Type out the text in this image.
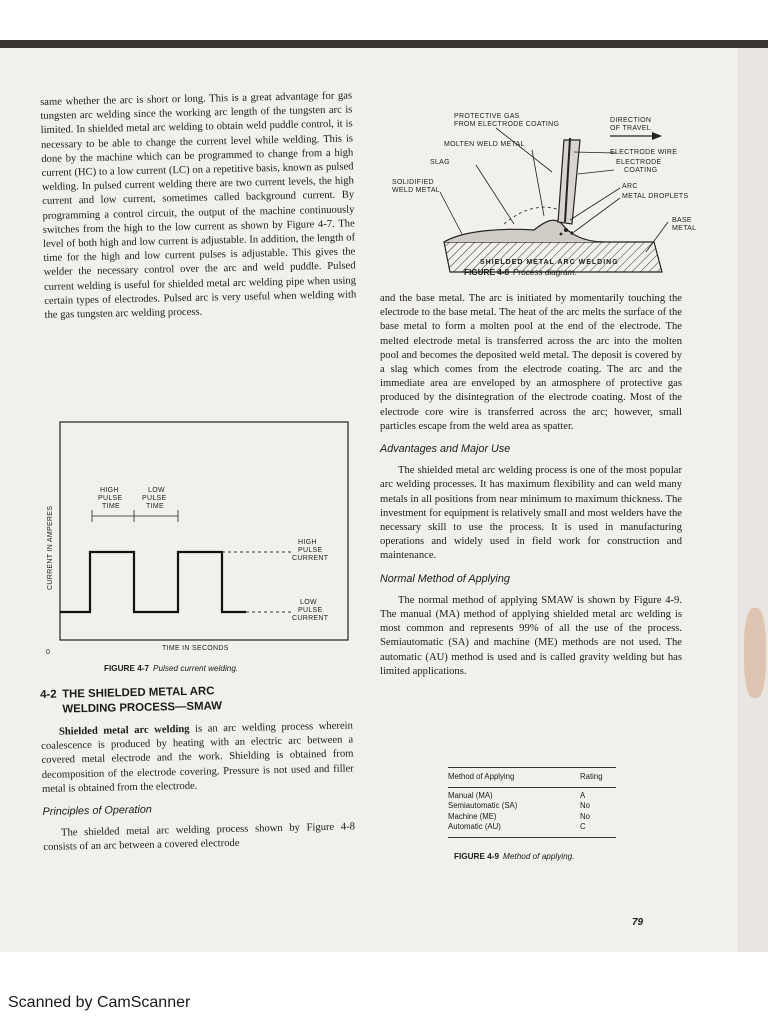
same whether the arc is short or long. This is a great advantage for gas tungsten arc welding since the working arc length of the tungsten arc is limited. In shielded metal arc welding to obtain weld puddle control, it is necessary to be able to change the current level while welding. This is done by the machine which can be programmed to change from a high current (HC) to a low current (LC) on a repetitive basis, known as pulsed welding. In pulsed current welding there are two current levels, the high current and low current, sometimes called background current. By programming a control circuit, the output of the machine continuously switches from the high to the low current as shown by Figure 4-7. The level of both high and low current is adjustable. In addition, the length of time for the high and low current pulses is adjustable. This gives the welder the necessary control over the arc and weld puddle. Pulsed current welding is useful for shielded metal arc welding pipe when using certain types of electrodes. Pulsed arc is very useful when welding with the gas tungsten arc welding process.

PROTECTIVE GAS
FROM ELECTRODE COATING
DIRECTION
OF TRAVEL
MOLTEN WELD METAL
ELECTRODE WIRE
SLAG	ELECTRODE
COATING
SOLIDIFIED
WELD METAL
ARC
METAL DROPLETS
BASE
METAL
SHIELDED METAL ARC WELDING
FIGURE 4-8 Process diagram.

and the base metal. The arc is initiated by momentarily touching the electrode to the base metal. The heat of the arc melts the surface of the base metal to form a molten pool at the end of the electrode. The melted electrode metal is transferred across the arc into the molten pool and becomes the deposited weld metal. The deposit is covered by a slag which comes from the electrode coating. The arc and the immediate area are enveloped by an atmosphere of protective gas produced by the disintegration of the electrode coating. Most of the electrode core wire is transferred across the arc; however, small particles escape from the weld area as spatter.

Advantages and Major Use

The shielded metal arc welding process is one of the most popular arc welding processes. It has maximum flexibility and can weld many metals in all positions from near minimum to maximum thickness. The investment for equipment is relatively small and most welders have the necessary skill to use the process. It is used in manufacturing operations and widely used in field work for construction and maintenance.

Normal Method of Applying

The normal method of applying SMAW is shown by Figure 4-9. The manual (MA) method of applying shielded metal arc welding is most common and represents 99% of all the use of the process. Semiautomatic (SA) and machine (ME) methods are not used. The automatic (AU) method is used and is called gravity welding but has limited applications.

HIGH
PULSE
TIME
LOW
PULSE
TIME
HIGH
PULSE
CURRENT
LOW
PULSE
CURRENT
CURRENT IN AMPERES
TIME IN SECONDS
0
FIGURE 4-7 Pulsed current welding.
4-2 THE SHIELDED METAL ARC
WELDING PROCESS—SMAW

Shielded metal arc welding is an arc welding process wherein coalescence is produced by heating with an electric arc between a covered metal electrode and the work. Shielding is obtained from decomposition of the electrode covering. Pressure is not used and filler metal is obtained from the electrode.

Principles of Operation

The shielded metal arc welding process shown by Figure 4-8 consists of an arc between a covered electrode

Method of Applying	Rating
Manual (MA)	A
Semiautomatic (SA)	No
Machine (ME)	No
Automatic (AU)	C
FIGURE 4-9 Method of applying.
79
Scanned by CamScanner
